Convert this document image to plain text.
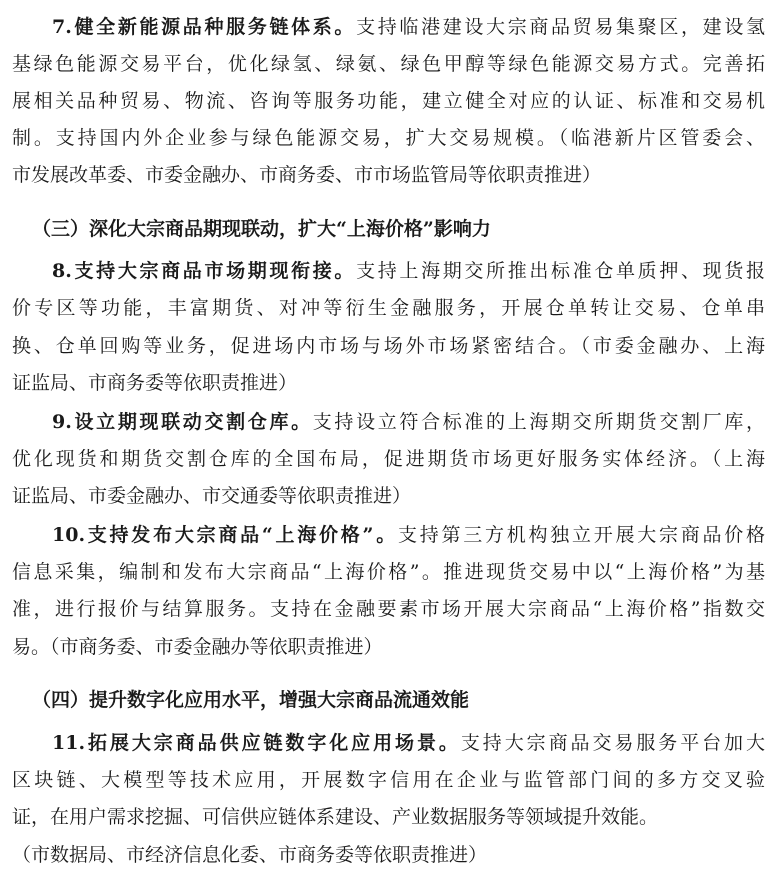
7.健全新能源品种服务链体系。支持临港建设大宗商品贸易集聚区，建设氢
基绿色能源交易平台，优化绿氢、绿氨、绿色甲醇等绿色能源交易方式。完善拓
展相关品种贸易、物流、咨询等服务功能，建立健全对应的认证、标准和交易机
制。支持国内外企业参与绿色能源交易，扩大交易规模。（临港新片区管委会、
市发展改革委、市委金融办、市商务委、市市场监管局等依职责推进）
（三）深化大宗商品期现联动，扩大“上海价格”影响力
8.支持大宗商品市场期现衔接。支持上海期交所推出标准仓单质押、现货报
价专区等功能，丰富期货、对冲等衍生金融服务，开展仓单转让交易、仓单串
换、仓单回购等业务，促进场内市场与场外市场紧密结合。（市委金融办、上海
证监局、市商务委等依职责推进）
9.设立期现联动交割仓库。支持设立符合标准的上海期交所期货交割厂库，
优化现货和期货交割仓库的全国布局，促进期货市场更好服务实体经济。（上海
证监局、市委金融办、市交通委等依职责推进）
10.支持发布大宗商品“上海价格”。支持第三方机构独立开展大宗商品价格
信息采集，编制和发布大宗商品“上海价格”。推进现货交易中以“上海价格”为基
准，进行报价与结算服务。支持在金融要素市场开展大宗商品“上海价格”指数交
易。（市商务委、市委金融办等依职责推进）
（四）提升数字化应用水平，增强大宗商品流通效能
11.拓展大宗商品供应链数字化应用场景。支持大宗商品交易服务平台加大
区块链、大模型等技术应用，开展数字信用在企业与监管部门间的多方交叉验
证，在用户需求挖掘、可信供应链体系建设、产业数据服务等领域提升效能。
（市数据局、市经济信息化委、市商务委等依职责推进）
